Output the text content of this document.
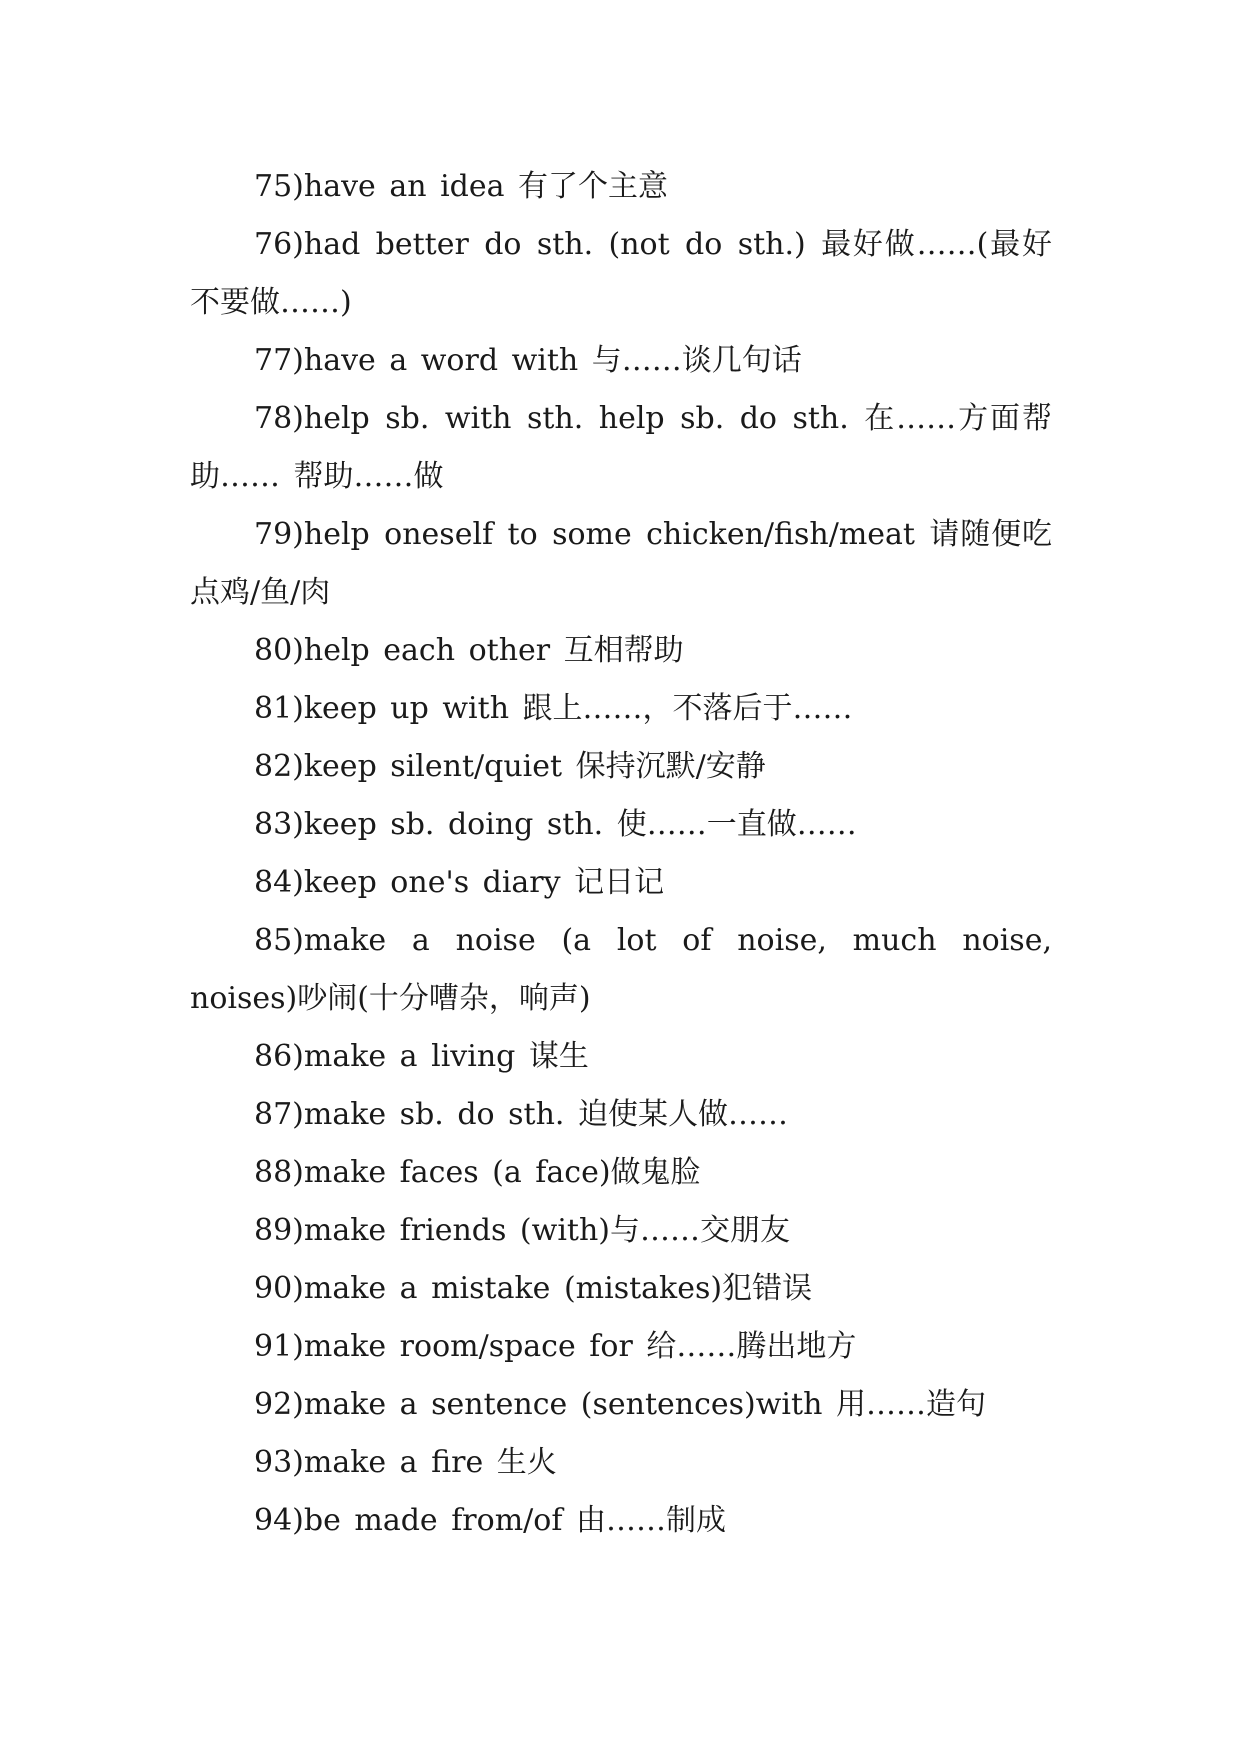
75)have an idea 有了个主意

76)had better do sth. (not do sth.) 最好做……(最好不要做……)

77)have a word with 与……谈几句话

78)help sb. with sth. help sb. do sth. 在……方面帮助…… 帮助……做

79)help oneself to some chicken/fish/meat 请随便吃点鸡/鱼/肉

80)help each other 互相帮助

81)keep up with 跟上……，不落后于……

82)keep silent/quiet 保持沉默/安静

83)keep sb. doing sth. 使……一直做……

84)keep one's diary 记日记

85)make a noise (a lot of noise, much noise, noises)吵闹(十分嘈杂，响声)

86)make a living 谋生

87)make sb. do sth. 迫使某人做……

88)make faces (a face)做鬼脸

89)make friends (with)与……交朋友

90)make a mistake (mistakes)犯错误

91)make room/space for 给……腾出地方

92)make a sentence (sentences)with 用……造句

93)make a fire 生火

94)be made from/of 由……制成
